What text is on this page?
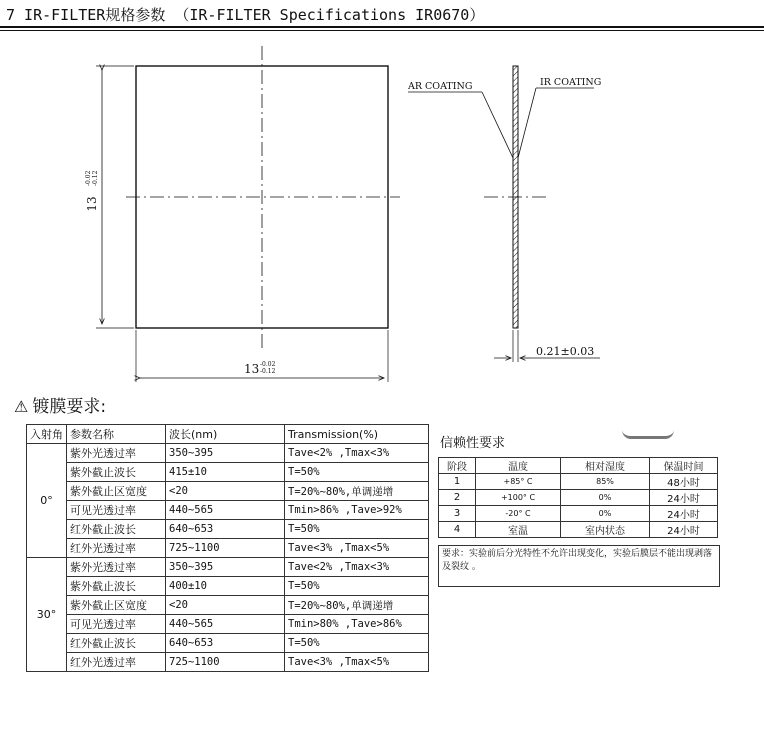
7 IR-FILTER规格参数 （IR-FILTER Specifications IR0670）
13
-0.02 -0.12
13 -0.02
-0.12
AR COATING	IR COATING
0.21±0.03
⚠ 镀膜要求:
入射角	参数名称	波长(nm)	Transmission(%)
0°	紫外光透过率	350~395	Tave<2% ,Tmax<3%
	紫外截止波长	415±10	T=50%
	紫外截止区宽度	<20	T=20%~80%,单调递增
	可见光透过率	440~565	Tmin>86% ,Tave>92%
	红外截止波长	640~653	T=50%
	红外光透过率	725~1100	Tave<3% ,Tmax<5%
30°	紫外光透过率	350~395	Tave<2% ,Tmax<3%
	紫外截止波长	400±10	T=50%
	紫外截止区宽度	<20	T=20%~80%,单调递增
	可见光透过率	440~565	Tmin>80% ,Tave>86%
	红外截止波长	640~653	T=50%
	红外光透过率	725~1100	Tave<3% ,Tmax<5%
信赖性要求
阶段	温度	相对湿度	保温时间
1	+85° C	85%	48小时
2	+100° C	0%	24小时
3	-20° C	0%	24小时
4	室温	室内状态	24小时
要求：实验前后分光特性不允许出现变化，实验后膜层不能出现剥落及裂纹 。
